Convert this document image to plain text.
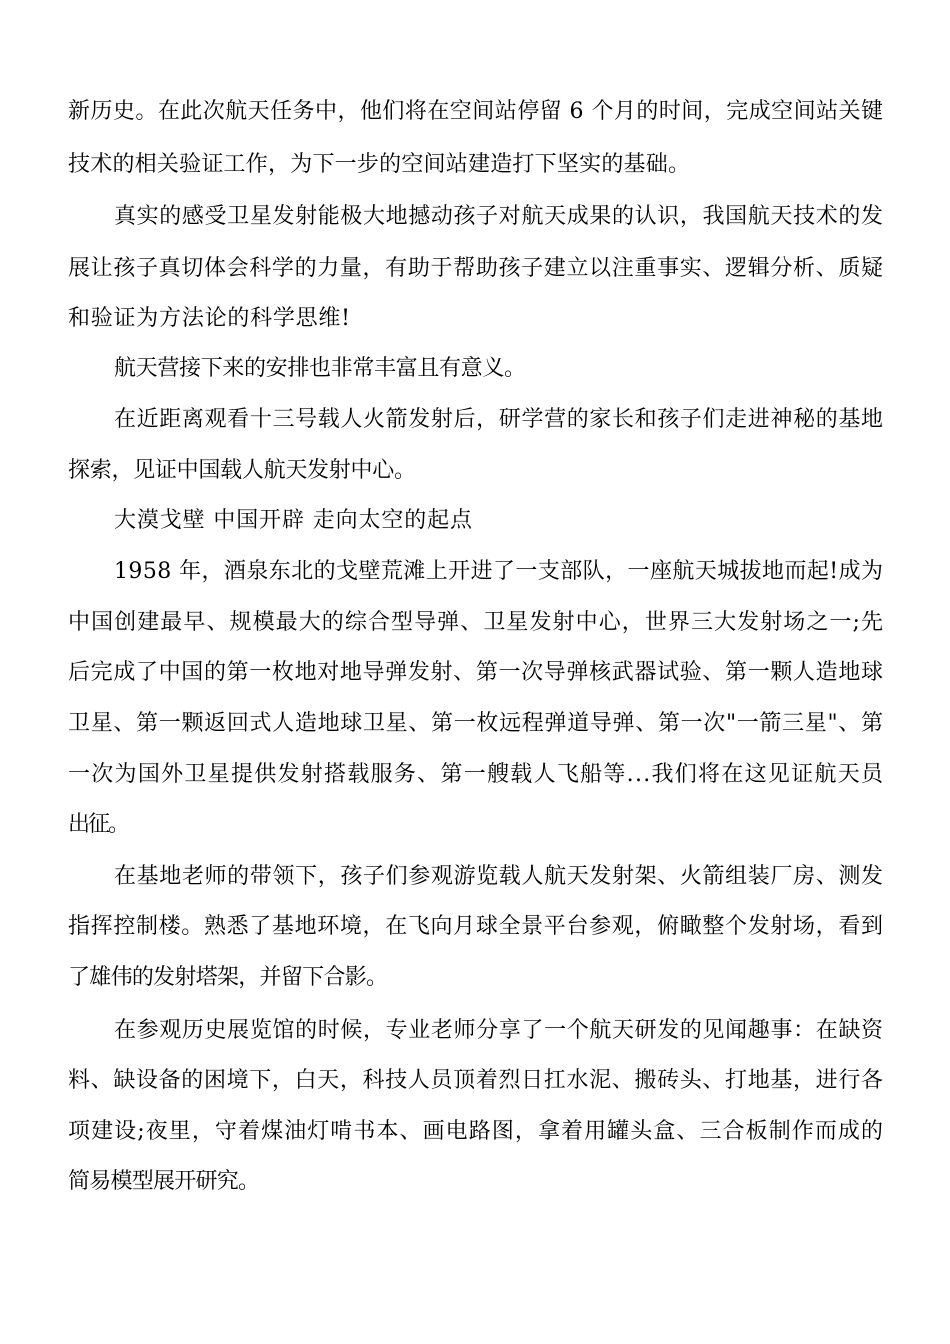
新历史。在此次航天任务中，他们将在空间站停留 6 个月的时间，完成空间站关键
技术的相关验证工作，为下一步的空间站建造打下坚实的基础。
真实的感受卫星发射能极大地撼动孩子对航天成果的认识，我国航天技术的发
展让孩子真切体会科学的力量，有助于帮助孩子建立以注重事实、逻辑分析、质疑
和验证为方法论的科学思维!
航天营接下来的安排也非常丰富且有意义。
在近距离观看十三号载人火箭发射后，研学营的家长和孩子们走进神秘的基地
探索，见证中国载人航天发射中心。
大漠戈壁 中国开辟 走向太空的起点
1958 年，酒泉东北的戈壁荒滩上开进了一支部队，一座航天城拔地而起!成为
中国创建最早、规模最大的综合型导弹、卫星发射中心，世界三大发射场之一;先
后完成了中国的第一枚地对地导弹发射、第一次导弹核武器试验、第一颗人造地球
卫星、第一颗返回式人造地球卫星、第一枚远程弹道导弹、第一次"一箭三星"、第
一次为国外卫星提供发射搭载服务、第一艘载人飞船等...我们将在这见证航天员
出征。
在基地老师的带领下，孩子们参观游览载人航天发射架、火箭组装厂房、测发
指挥控制楼。熟悉了基地环境，在飞向月球全景平台参观，俯瞰整个发射场，看到
了雄伟的发射塔架，并留下合影。
在参观历史展览馆的时候，专业老师分享了一个航天研发的见闻趣事：在缺资
料、缺设备的困境下，白天，科技人员顶着烈日扛水泥、搬砖头、打地基，进行各
项建设;夜里，守着煤油灯啃书本、画电路图，拿着用罐头盒、三合板制作而成的
简易模型展开研究。
